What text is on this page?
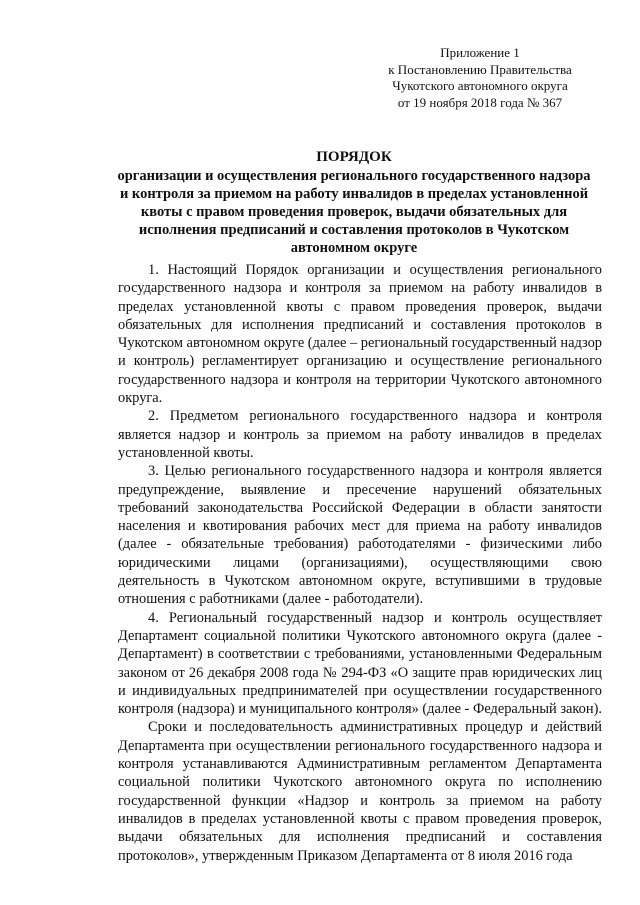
Приложение 1
к Постановлению Правительства
Чукотского автономного округа
от 19 ноября 2018 года № 367
ПОРЯДОК
организации и осуществления регионального государственного надзора и контроля за приемом на работу инвалидов в пределах установленной квоты с правом проведения проверок, выдачи обязательных для исполнения предписаний и составления протоколов в Чукотском автономном округе

1. Настоящий Порядок организации и осуществления регионального государственного надзора и контроля за приемом на работу инвалидов в пределах установленной квоты с правом проведения проверок, выдачи обязательных для исполнения предписаний и составления протоколов в Чукотском автономном округе (далее – региональный государственный надзор и контроль) регламентирует организацию и осуществление регионального государственного надзора и контроля на территории Чукотского автономного округа.

2. Предметом регионального государственного надзора и контроля является надзор и контроль за приемом на работу инвалидов в пределах установленной квоты.

3. Целью регионального государственного надзора и контроля является предупреждение, выявление и пресечение нарушений обязательных требований законодательства Российской Федерации в области занятости населения и квотирования рабочих мест для приема на работу инвалидов (далее - обязательные требования) работодателями - физическими либо юридическими лицами (организациями), осуществляющими свою деятельность в Чукотском автономном округе, вступившими в трудовые отношения с работниками (далее - работодатели).

4. Региональный государственный надзор и контроль осуществляет Департамент социальной политики Чукотского автономного округа (далее - Департамент) в соответствии с требованиями, установленными Федеральным законом от 26 декабря 2008 года № 294-ФЗ «О защите прав юридических лиц и индивидуальных предпринимателей при осуществлении государственного контроля (надзора) и муниципального контроля» (далее - Федеральный закон).

Сроки и последовательность административных процедур и действий Департамента при осуществлении регионального государственного надзора и контроля устанавливаются Административным регламентом Департамента социальной политики Чукотского автономного округа по исполнению государственной функции «Надзор и контроль за приемом на работу инвалидов в пределах установленной квоты с правом проведения проверок, выдачи обязательных для исполнения предписаний и составления протоколов», утвержденным Приказом Департамента от 8 июля 2016 года
